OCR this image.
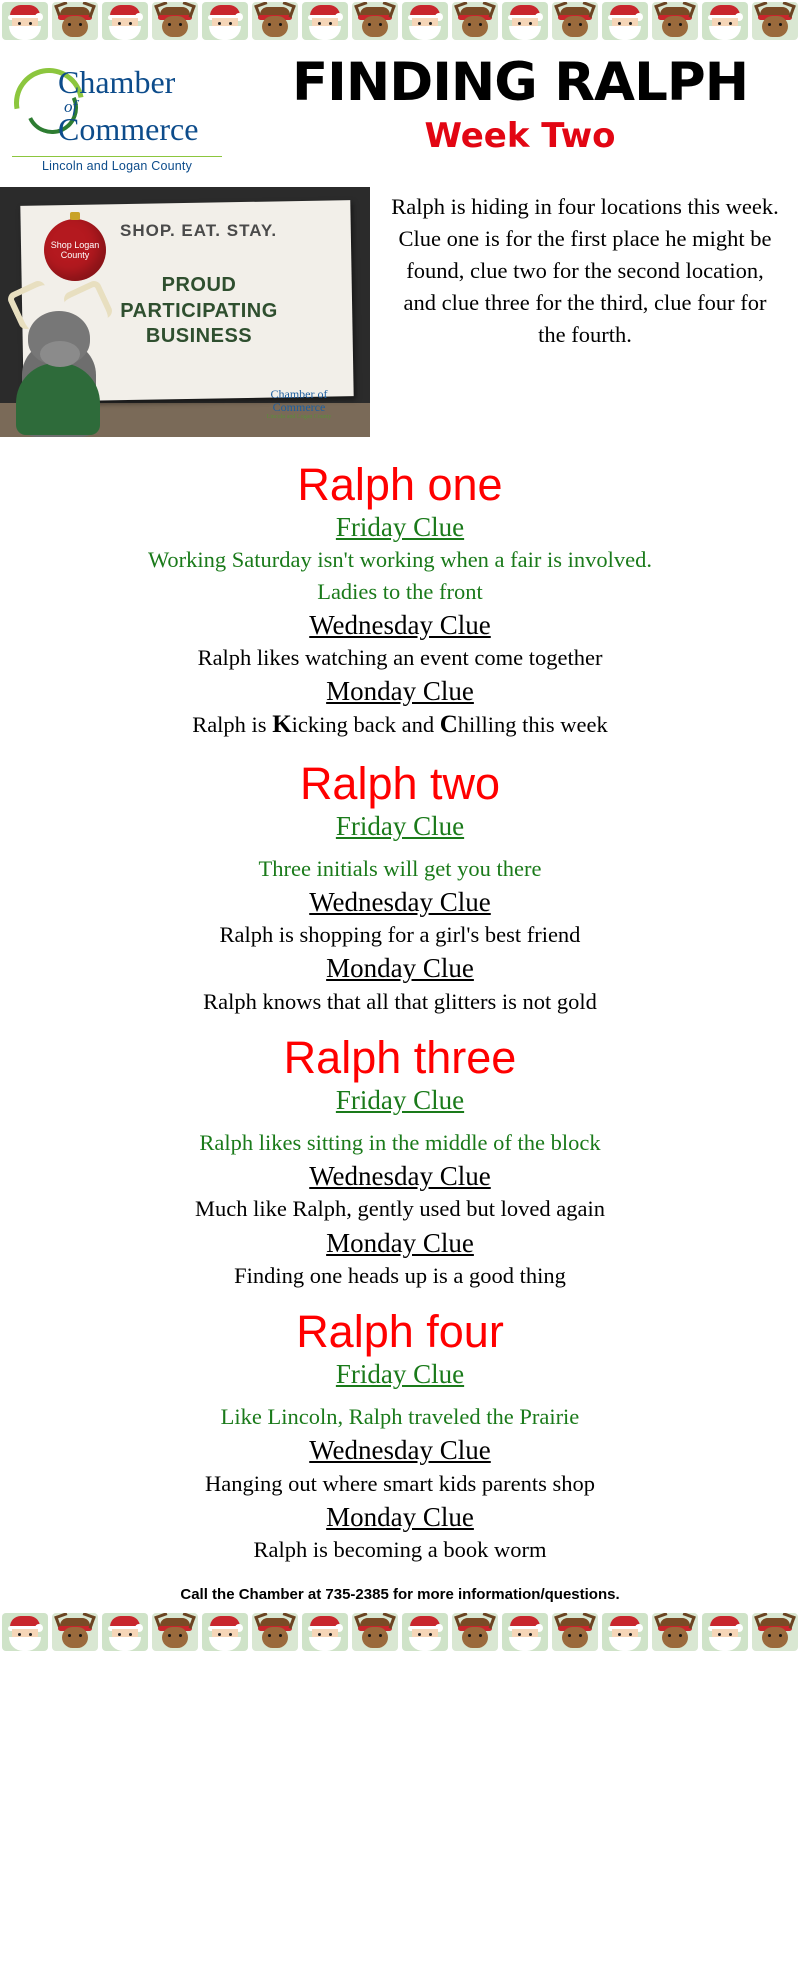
Chamber
of
Commerce
Lincoln and Logan County
FINDING RALPH
Week Two
Shop Logan County
SHOP. EAT. STAY.
PROUD PARTICIPATING BUSINESS
Chamber of Commerce
Lincoln and Logan County
Ralph is hiding in four locations this week. Clue one is for the first place he might be found, clue two for the second location, and clue three for the third, clue four for the fourth.
Ralph one
Friday Clue
Working Saturday isn't working when a fair is involved.
Ladies to the front
Wednesday Clue
Ralph likes watching an event come together
Monday Clue
Ralph is Kicking back and Chilling this week
Ralph two
Friday Clue
Three initials will get you there
Wednesday Clue
Ralph is shopping for a girl's best friend
Monday Clue
Ralph knows that all that glitters is not gold
Ralph three
Friday Clue
Ralph likes sitting in the middle of the block
Wednesday Clue
Much like Ralph, gently used but loved again
Monday Clue
Finding one heads up is a good thing
Ralph four
Friday Clue
Like Lincoln, Ralph traveled the Prairie
Wednesday Clue
Hanging out where smart kids parents shop
Monday Clue
Ralph is becoming a book worm
Call the Chamber at 735-2385 for more information/questions.
